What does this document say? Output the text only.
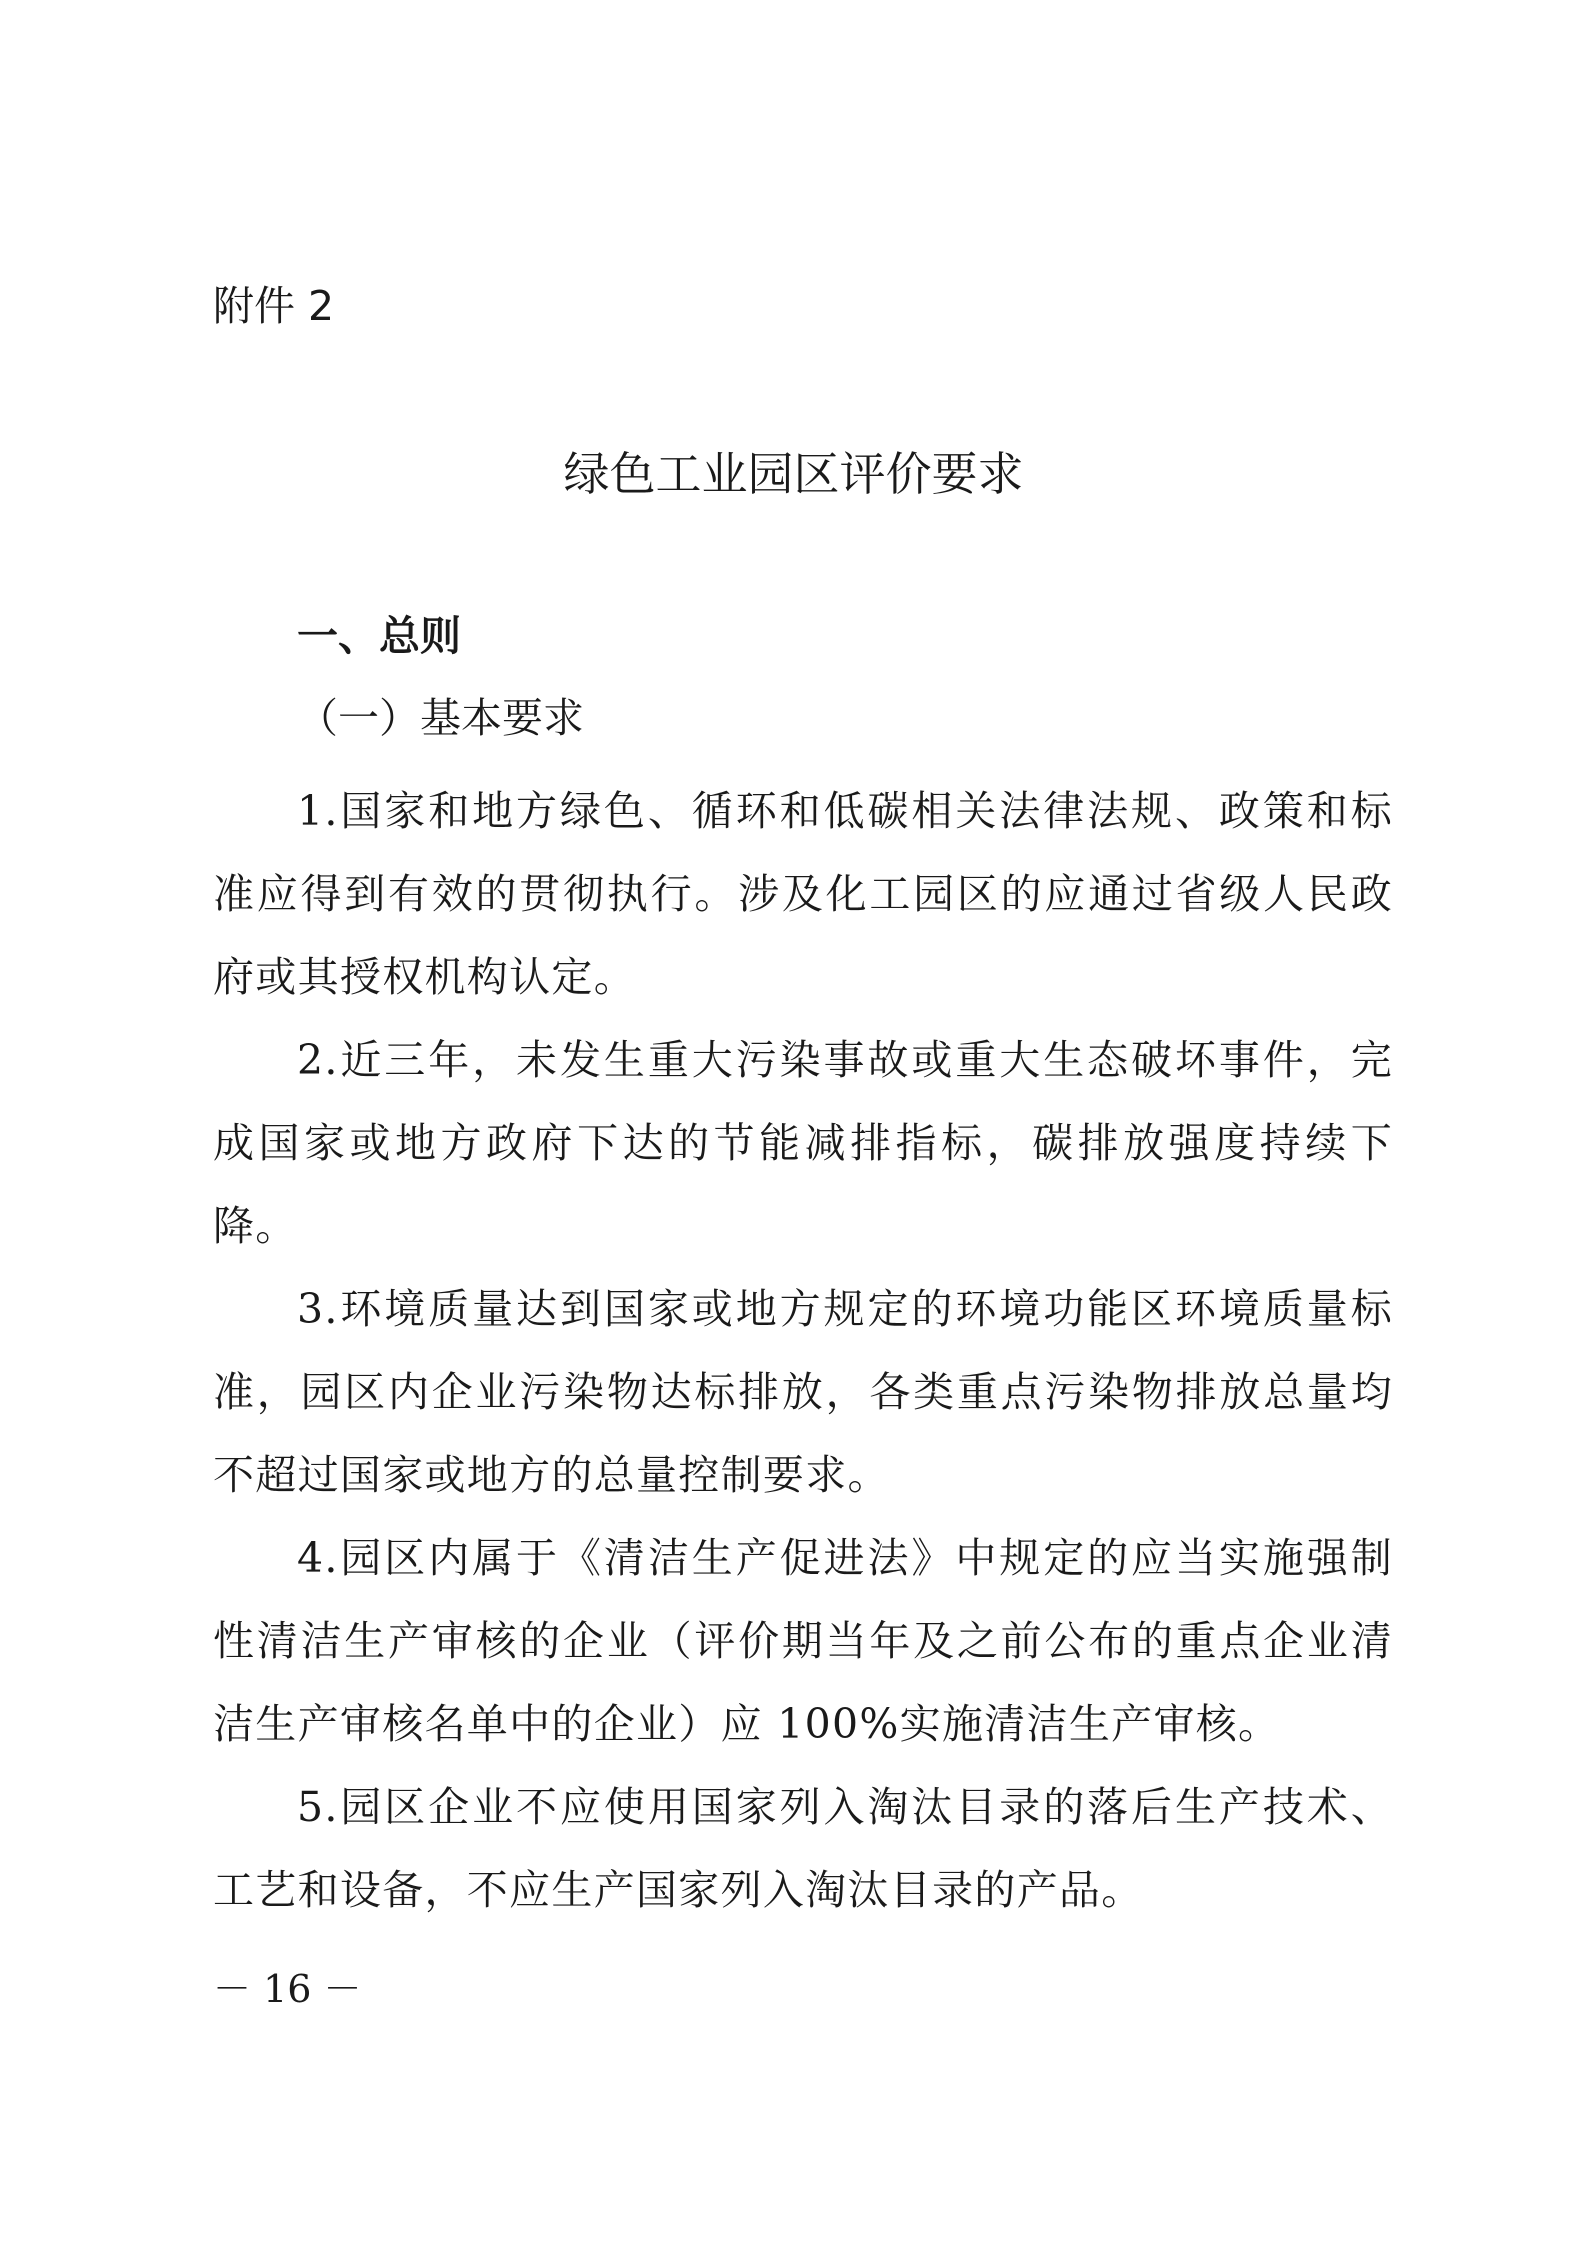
附件 2
绿色工业园区评价要求
一、总则
（一）基本要求

1.国家和地方绿色、循环和低碳相关法律法规、政策和标准应得到有效的贯彻执行。涉及化工园区的应通过省级人民政府或其授权机构认定。

2.近三年，未发生重大污染事故或重大生态破坏事件，完成国家或地方政府下达的节能减排指标，碳排放强度持续下降。

3.环境质量达到国家或地方规定的环境功能区环境质量标准，园区内企业污染物达标排放，各类重点污染物排放总量均不超过国家或地方的总量控制要求。

4.园区内属于《清洁生产促进法》中规定的应当实施强制性清洁生产审核的企业（评价期当年及之前公布的重点企业清洁生产审核名单中的企业）应 100%实施清洁生产审核。

5.园区企业不应使用国家列入淘汰目录的落后生产技术、工艺和设备，不应生产国家列入淘汰目录的产品。

－ 16 －
